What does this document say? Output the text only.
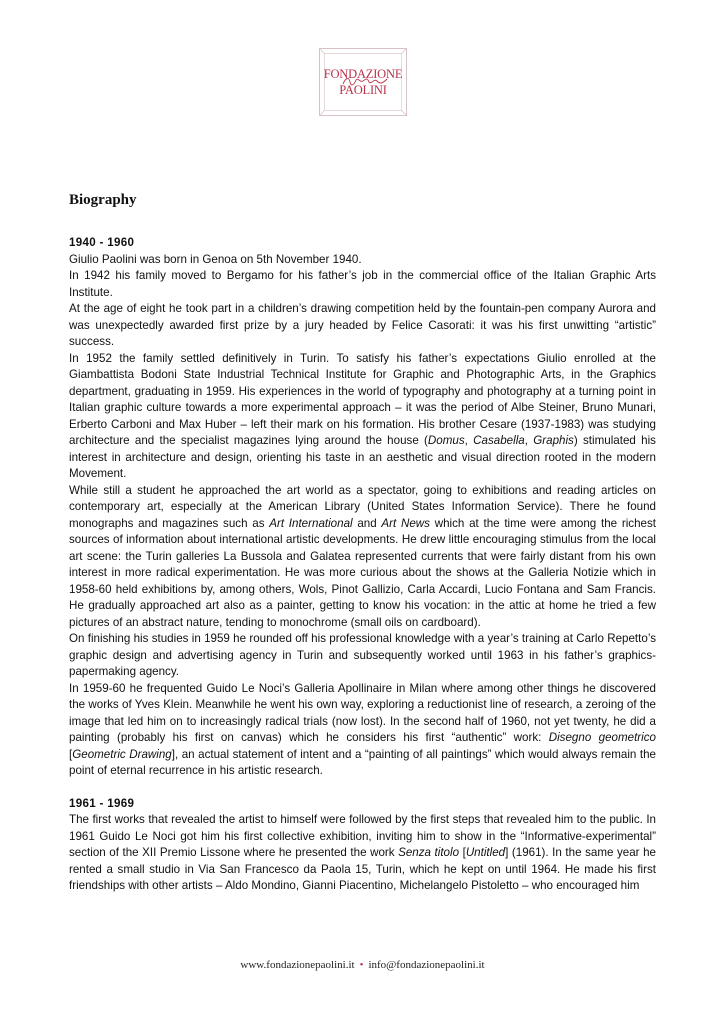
FONDAZIONE
PAOLINI
Biography

1940 - 1960

Giulio Paolini was born in Genoa on 5th November 1940.

In 1942 his family moved to Bergamo for his father’s job in the commercial office of the Italian Graphic Arts Institute.

At the age of eight he took part in a children’s drawing competition held by the fountain-pen company Aurora and was unexpectedly awarded first prize by a jury headed by Felice Casorati: it was his first unwitting “artistic” success.

In 1952 the family settled definitively in Turin. To satisfy his father’s expectations Giulio enrolled at the Giambattista Bodoni State Industrial Technical Institute for Graphic and Photographic Arts, in the Graphics department, graduating in 1959. His experiences in the world of typography and photography at a turning point in Italian graphic culture towards a more experimental approach – it was the period of Albe Steiner, Bruno Munari, Erberto Carboni and Max Huber – left their mark on his formation. His brother Cesare (1937-1983) was studying architecture and the specialist magazines lying around the house (Domus, Casabella, Graphis) stimulated his interest in architecture and design, orienting his taste in an aesthetic and visual direction rooted in the modern Movement.

While still a student he approached the art world as a spectator, going to exhibitions and reading articles on contemporary art, especially at the American Library (United States Information Service). There he found monographs and magazines such as Art International and Art News which at the time were among the richest sources of information about international artistic developments. He drew little encouraging stimulus from the local art scene: the Turin galleries La Bussola and Galatea represented currents that were fairly distant from his own interest in more radical experimentation. He was more curious about the shows at the Galleria Notizie which in 1958-60 held exhibitions by, among others, Wols, Pinot Gallizio, Carla Accardi, Lucio Fontana and Sam Francis. He gradually approached art also as a painter, getting to know his vocation: in the attic at home he tried a few pictures of an abstract nature, tending to monochrome (small oils on cardboard).

On finishing his studies in 1959 he rounded off his professional knowledge with a year’s training at Carlo Repetto’s graphic design and advertising agency in Turin and subsequently worked until 1963 in his father’s graphics-papermaking agency.

In 1959-60 he frequented Guido Le Noci’s Galleria Apollinaire in Milan where among other things he discovered the works of Yves Klein. Meanwhile he went his own way, exploring a reductionist line of research, a zeroing of the image that led him on to increasingly radical trials (now lost). In the second half of 1960, not yet twenty, he did a painting (probably his first on canvas) which he considers his first “authentic” work: Disegno geometrico [Geometric Drawing], an actual statement of intent and a “painting of all paintings” which would always remain the point of eternal recurrence in his artistic research.

1961 - 1969

The first works that revealed the artist to himself were followed by the first steps that revealed him to the public. In 1961 Guido Le Noci got him his first collective exhibition, inviting him to show in the “Informative-experimental” section of the XII Premio Lissone where he presented the work Senza titolo [Untitled] (1961). In the same year he rented a small studio in Via San Francesco da Paola 15, Turin, which he kept on until 1964. He made his first friendships with other artists – Aldo Mondino, Gianni Piacentino, Michelangelo Pistoletto – who encouraged him

www.fondazionepaolini.it • info@fondazionepaolini.it
